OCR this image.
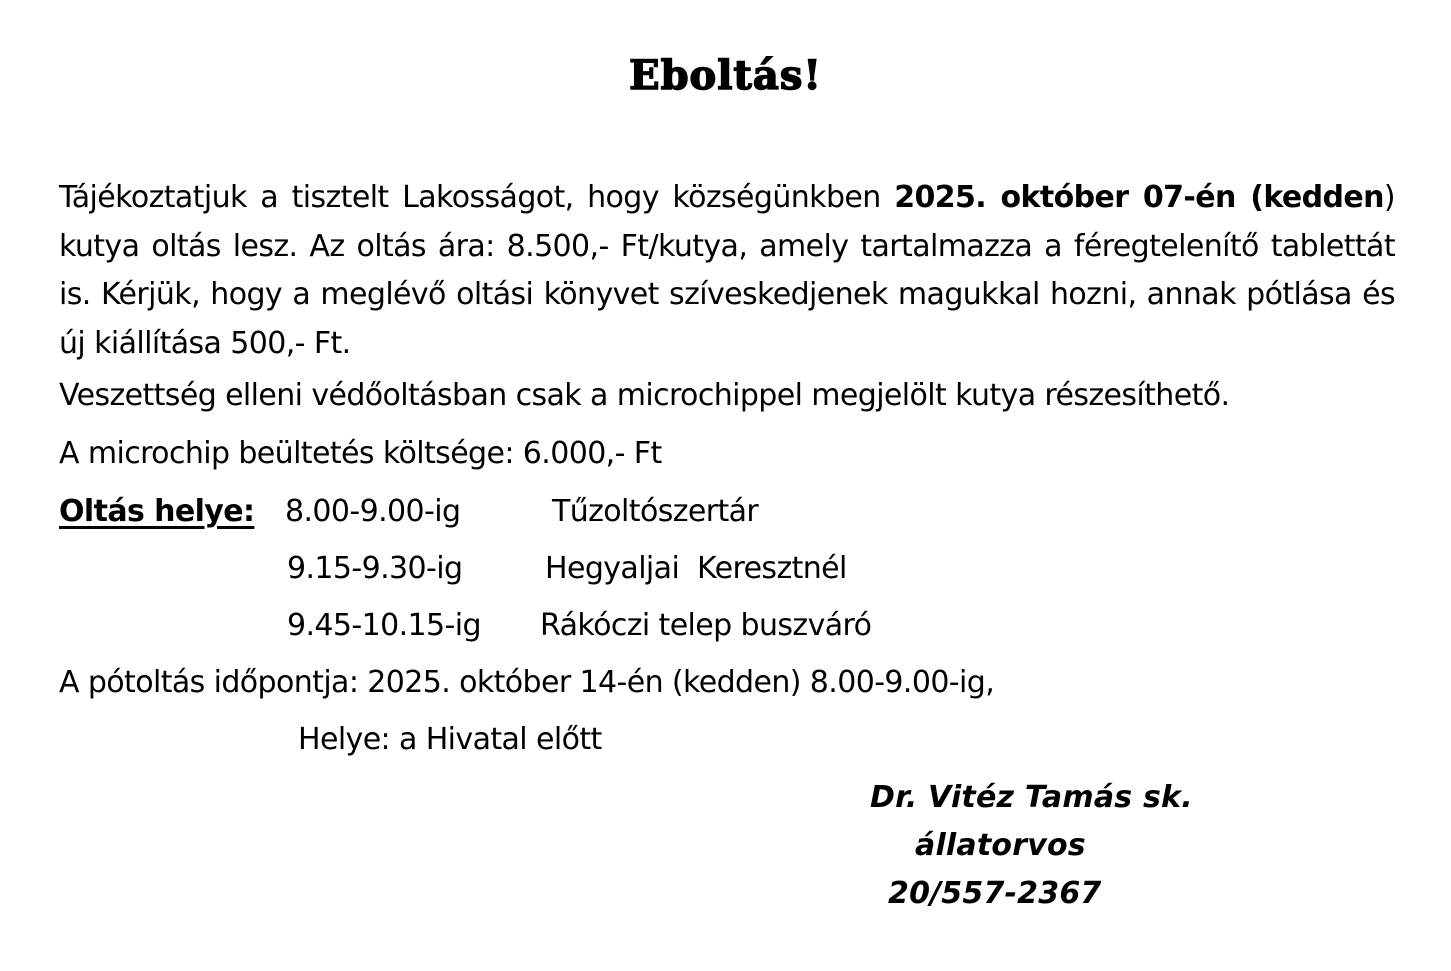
Eboltás!
Tájékoztatjuk a tisztelt Lakosságot, hogy községünkben 2025. október 07-én (kedden) kutya oltás lesz. Az oltás ára: 8.500,- Ft/kutya, amely tartalmazza a féregtelenítő tablettát is. Kérjük, hogy a meglévő oltási könyvet szíveskedjenek magukkal hozni, annak pótlása és új kiállítása 500,- Ft.
Veszettség elleni védőoltásban csak a microchippel megjelölt kutya részesíthető.
A microchip beültetés költsége: 6.000,- Ft
Oltás helye: 8.00-9.00-ig	Tűzoltószertár
9.15-9.30-ig	Hegyaljai  Keresztnél
9.45-10.15-ig Rákóczi telep buszváró
A pótoltás időpontja: 2025. október 14-én (kedden) 8.00-9.00-ig,
Helye: a Hivatal előtt
Dr. Vitéz Tamás sk.
állatorvos
20/557-2367
